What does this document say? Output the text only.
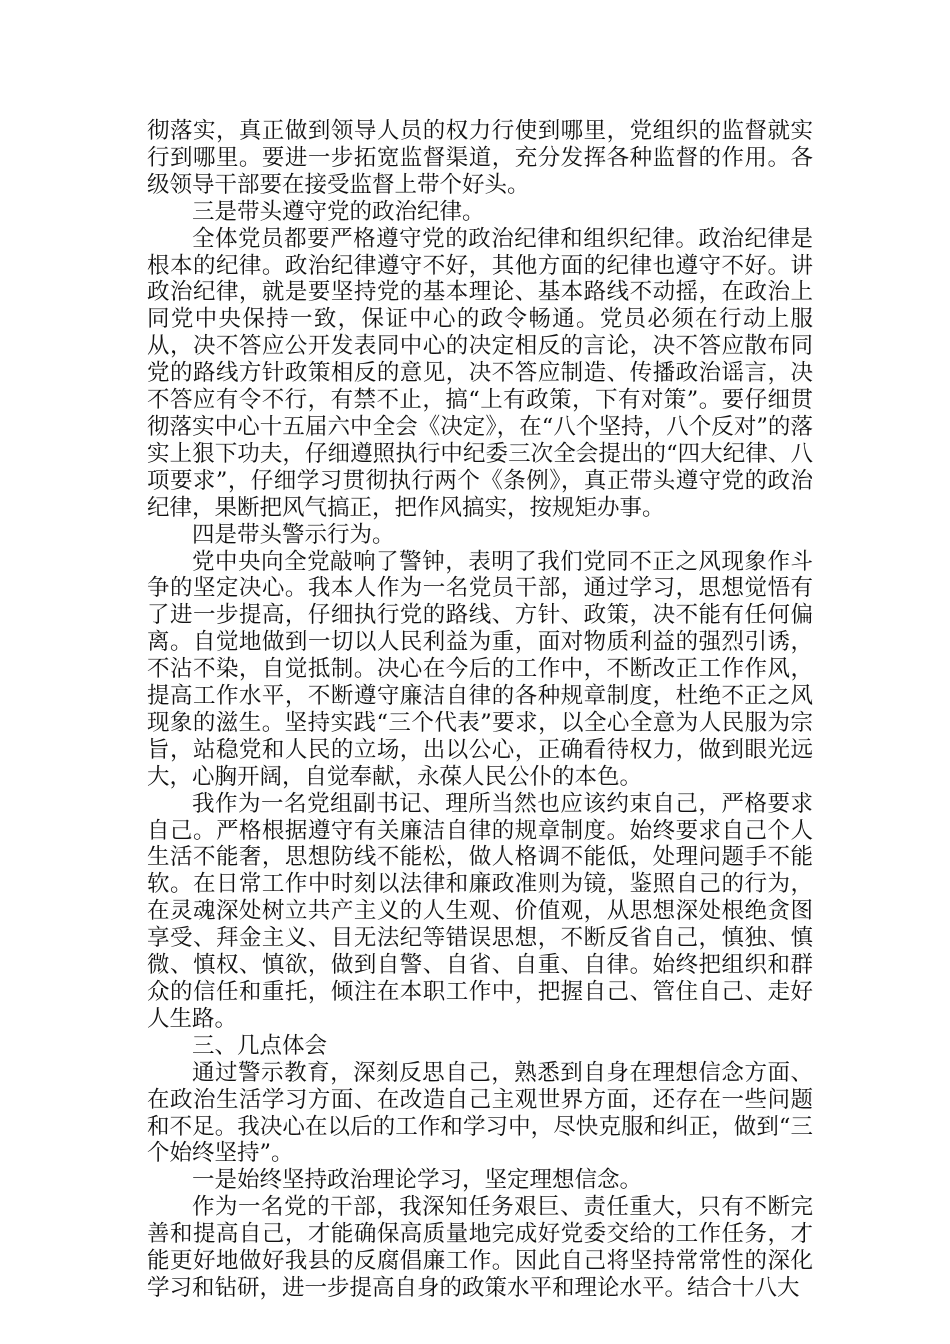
彻落实，真正做到领导人员的权力行使到哪里，党组织的监督就实行到哪里。要进一步拓宽监督渠道，充分发挥各种监督的作用。各级领导干部要在接受监督上带个好头。

三是带头遵守党的政治纪律。

全体党员都要严格遵守党的政治纪律和组织纪律。政治纪律是根本的纪律。政治纪律遵守不好，其他方面的纪律也遵守不好。讲政治纪律，就是要坚持党的基本理论、基本路线不动摇，在政治上同党中央保持一致，保证中心的政令畅通。党员必须在行动上服从，决不答应公开发表同中心的决定相反的言论，决不答应散布同党的路线方针政策相反的意见，决不答应制造、传播政治谣言，决不答应有令不行，有禁不止，搞“上有政策，下有对策”。要仔细贯彻落实中心十五届六中全会《决定》，在“八个坚持，八个反对”的落实上狠下功夫，仔细遵照执行中纪委三次全会提出的“四大纪律、八项要求”，仔细学习贯彻执行两个《条例》，真正带头遵守党的政治纪律，果断把风气搞正，把作风搞实，按规矩办事。

四是带头警示行为。

党中央向全党敲响了警钟，表明了我们党同不正之风现象作斗争的坚定决心。我本人作为一名党员干部，通过学习，思想觉悟有了进一步提高，仔细执行党的路线、方针、政策，决不能有任何偏离。自觉地做到一切以人民利益为重，面对物质利益的强烈引诱，不沾不染，自觉抵制。决心在今后的工作中，不断改正工作作风，提高工作水平，不断遵守廉洁自律的各种规章制度，杜绝不正之风现象的滋生。坚持实践“三个代表”要求，以全心全意为人民服为宗旨，站稳党和人民的立场，出以公心，正确看待权力，做到眼光远大，心胸开阔，自觉奉献，永葆人民公仆的本色。

我作为一名党组副书记、理所当然也应该约束自己，严格要求自己。严格根据遵守有关廉洁自律的规章制度。始终要求自己个人生活不能奢，思想防线不能松，做人格调不能低，处理问题手不能软。在日常工作中时刻以法律和廉政准则为镜，鉴照自己的行为，在灵魂深处树立共产主义的人生观、价值观，从思想深处根绝贪图享受、拜金主义、目无法纪等错误思想，不断反省自己，慎独、慎微、慎权、慎欲，做到自警、自省、自重、自律。始终把组织和群众的信任和重托，倾注在本职工作中，把握自己、管住自己、走好人生路。

三、几点体会

通过警示教育，深刻反思自己，熟悉到自身在理想信念方面、在政治生活学习方面、在改造自己主观世界方面，还存在一些问题和不足。我决心在以后的工作和学习中，尽快克服和纠正，做到“三个始终坚持”。

一是始终坚持政治理论学习，坚定理想信念。

作为一名党的干部，我深知任务艰巨、责任重大，只有不断完善和提高自己，才能确保高质量地完成好党委交给的工作任务，才能更好地做好我县的反腐倡廉工作。因此自己将坚持常常性的深化学习和钻研，进一步提高自身的政策水平和理论水平。结合十八大
